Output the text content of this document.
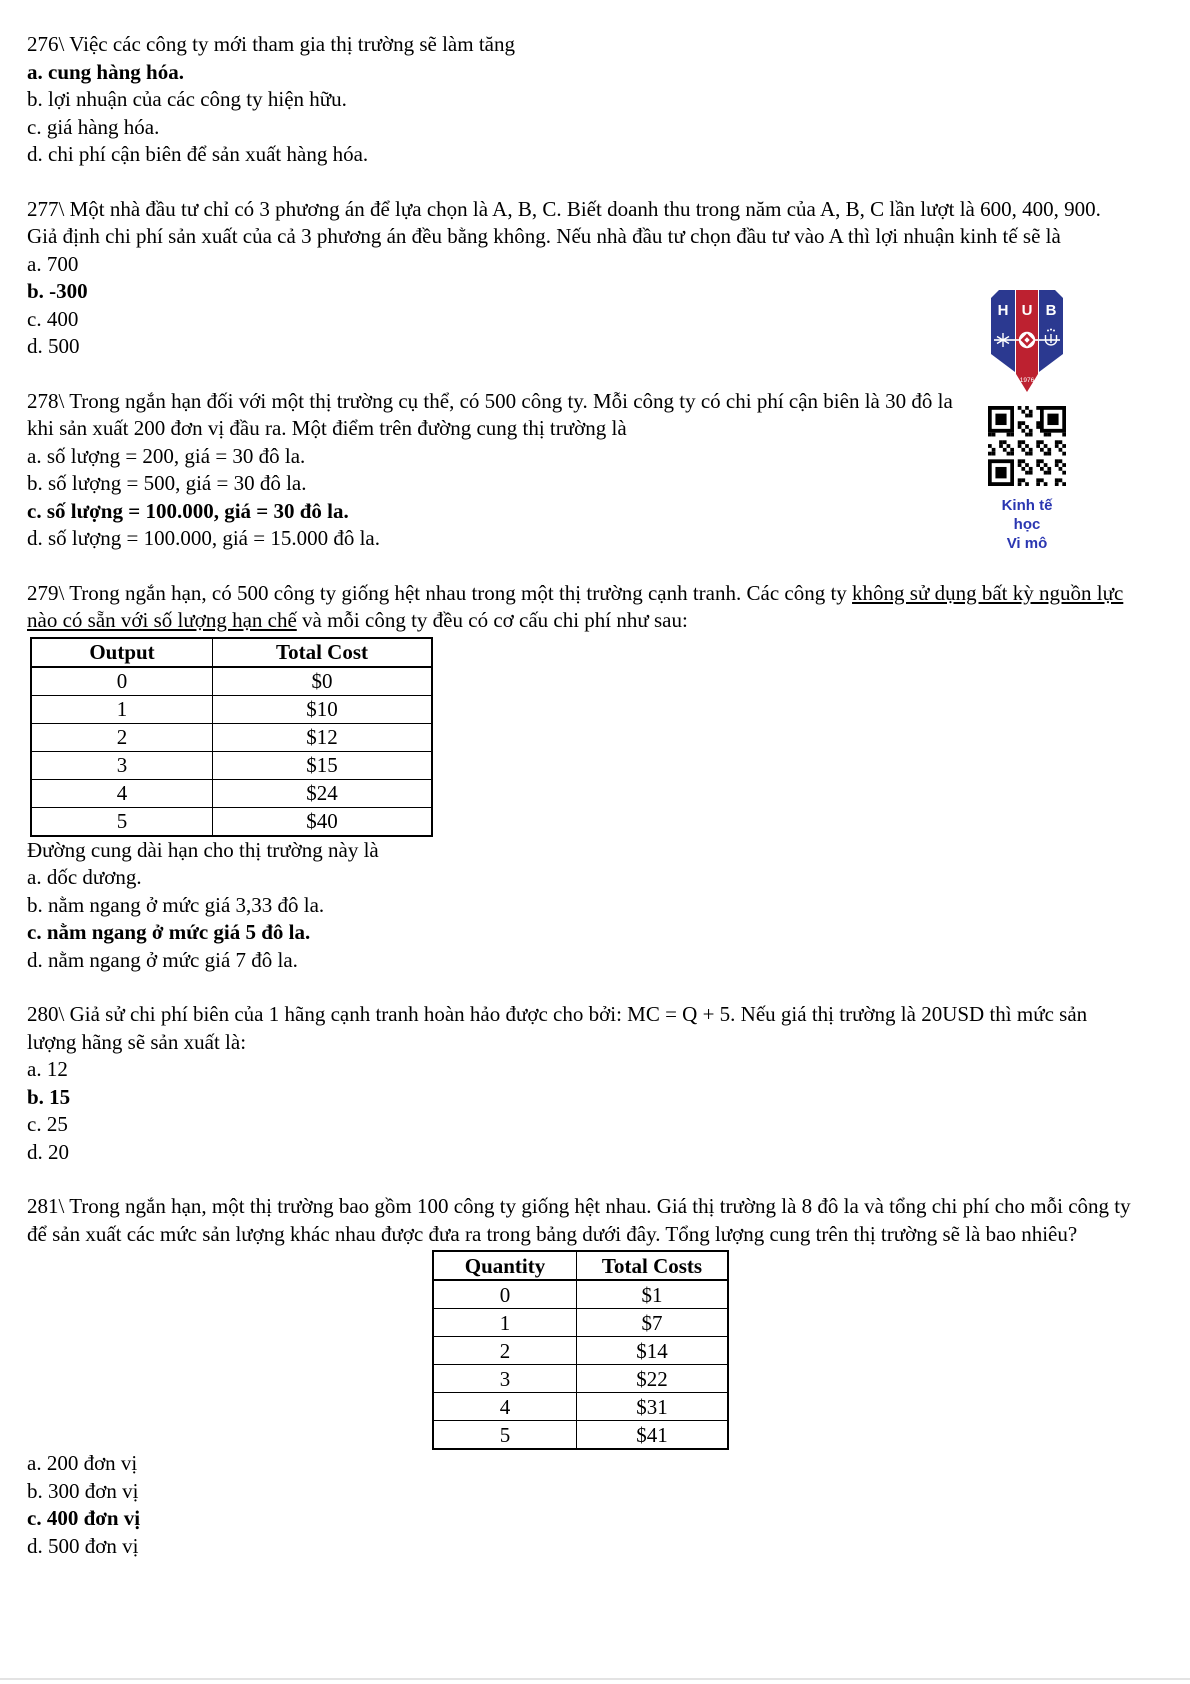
276\ Việc các công ty mới tham gia thị trường sẽ làm tăng

a. cung hàng hóa.

b. lợi nhuận của các công ty hiện hữu.

c. giá hàng hóa.

d. chi phí cận biên để sản xuất hàng hóa.

277\ Một nhà đầu tư chỉ có 3 phương án để lựa chọn là A, B, C. Biết doanh thu trong năm của A, B, C lần lượt là 600, 400, 900. Giả định chi phí sản xuất của cả 3 phương án đều bằng không. Nếu nhà đầu tư chọn đầu tư vào A thì lợi nhuận kinh tế sẽ là

a. 700

b. -300

c. 400

d. 500

278\ Trong ngắn hạn đối với một thị trường cụ thể, có 500 công ty. Mỗi công ty có chi phí cận biên là 30 đô la khi sản xuất 200 đơn vị đầu ra. Một điểm trên đường cung thị trường là

a. số lượng = 200, giá = 30 đô la.

b. số lượng = 500, giá = 30 đô la.

c. số lượng = 100.000, giá = 30 đô la.

d. số lượng = 100.000, giá = 15.000 đô la.

279\ Trong ngắn hạn, có 500 công ty giống hệt nhau trong một thị trường cạnh tranh. Các công ty không sử dụng bất kỳ nguồn lực nào có sẵn với số lượng hạn chế và mỗi công ty đều có cơ cấu chi phí như sau:

Output	Total Cost
0	$0
1	$10
2	$12
3	$15
4	$24
5	$40

Đường cung dài hạn cho thị trường này là

a. dốc dương.

b. nằm ngang ở mức giá 3,33 đô la.

c. nằm ngang ở mức giá 5 đô la.

d. nằm ngang ở mức giá 7 đô la.

280\ Giả sử chi phí biên của 1 hãng cạnh tranh hoàn hảo được cho bởi: MC = Q + 5. Nếu giá thị trường là 20USD thì mức sản lượng hãng sẽ sản xuất là:

a. 12

b. 15

c. 25

d. 20

281\ Trong ngắn hạn, một thị trường bao gồm 100 công ty giống hệt nhau. Giá thị trường là 8 đô la và tổng chi phí cho mỗi công ty để sản xuất các mức sản lượng khác nhau được đưa ra trong bảng dưới đây. Tổng lượng cung trên thị trường sẽ là bao nhiêu?

Quantity	Total Costs
0	$1
1	$7
2	$14
3	$22
4	$31
5	$41

a. 200 đơn vị

b. 300 đơn vị

c. 400 đơn vị

d. 500 đơn vị

H U B
1976
Kinh tế học
Vi mô
